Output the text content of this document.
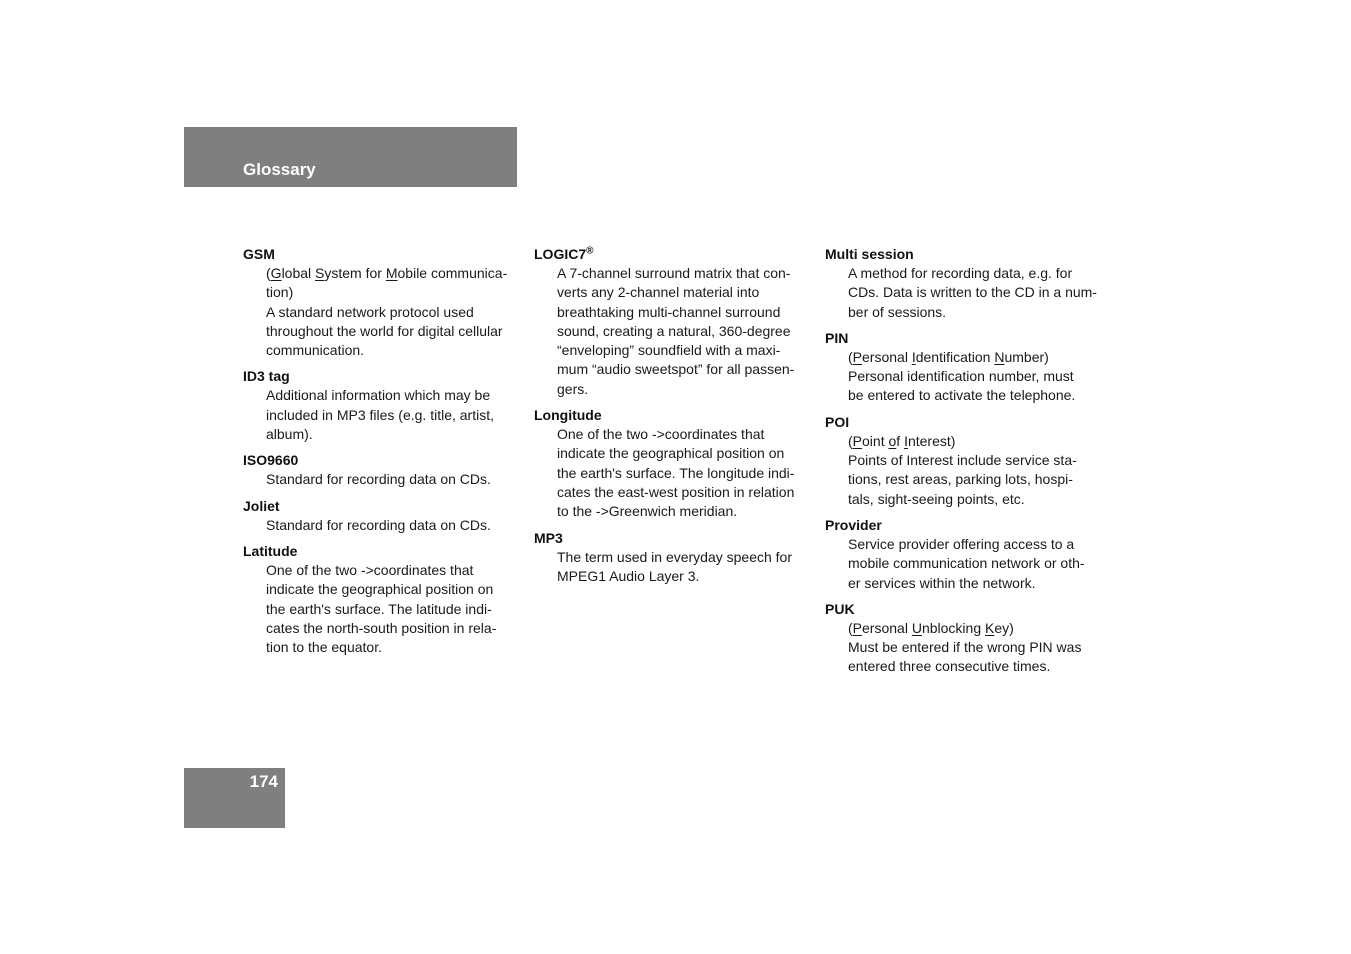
Glossary
GSM

(Global System for Mobile communica-

tion)

A standard network protocol used

throughout the world for digital cellular

communication.

ID3 tag

Additional information which may be

included in MP3 files (e.g. title, artist,

album).

ISO9660

Standard for recording data on CDs.

Joliet

Standard for recording data on CDs.

Latitude

One of the two ->coordinates that

indicate the geographical position on

the earth's surface. The latitude indi-

cates the north-south position in rela-

tion to the equator.

LOGIC7®

A 7-channel surround matrix that con-

verts any 2-channel material into

breathtaking multi-channel surround

sound, creating a natural, 360-degree

“enveloping” soundfield with a maxi-

mum “audio sweetspot” for all passen-

gers.

Longitude

One of the two ->coordinates that

indicate the geographical position on

the earth's surface. The longitude indi-

cates the east-west position in relation

to the ->Greenwich meridian.

MP3

The term used in everyday speech for

MPEG1 Audio Layer 3.

Multi session

A method for recording data, e.g. for

CDs. Data is written to the CD in a num-

ber of sessions.

PIN

(Personal Identification Number)

Personal identification number, must

be entered to activate the telephone.

POI

(Point of Interest)

Points of Interest include service sta-

tions, rest areas, parking lots, hospi-

tals, sight-seeing points, etc.

Provider

Service provider offering access to a

mobile communication network or oth-

er services within the network.

PUK

(Personal Unblocking Key)

Must be entered if the wrong PIN was

entered three consecutive times.

174
